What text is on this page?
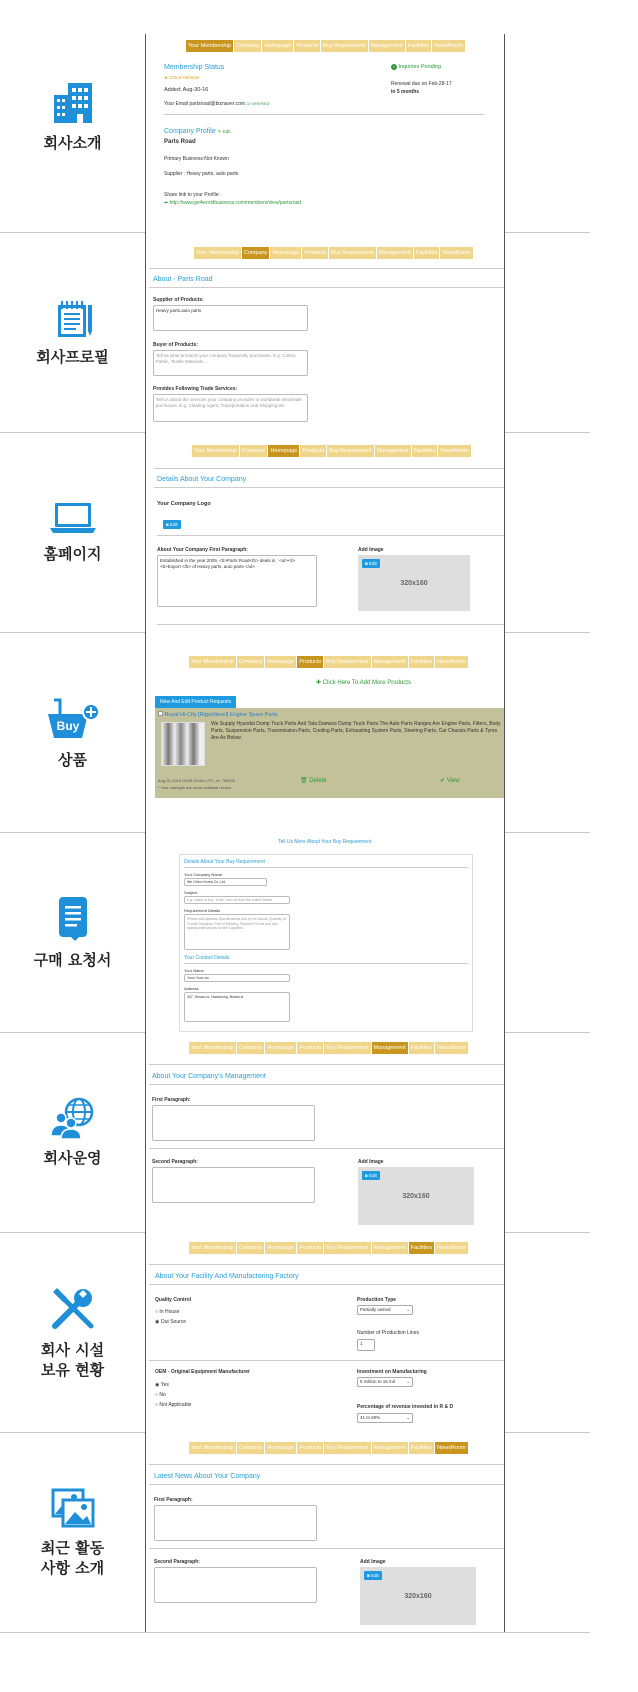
회사소개
Your Membership Company Homepage Products Buy Requirement Management Facilities NewsRoom
Membership Status
★ GOLD Member
✓ Inquiries Pending
Added: Aug-30-16
Renewal due on Feb-28-17
in 5 months
Your Email partsroad@biznaver.com ☑ VERIFIED
Company Profile ✎ Edit
Parts Road
Primary Business:Not Known
Supplier : Heavy parts, auto parts
Share link to your Profile:
➦ http://www.go4worldbusiness.com/members/view/partsroad
회사프로필
Your Membership Company Homepage Products Buy Requirement Management Facilities NewsRoom
About - Parts Road
Supplier of Products:
Heavy parts,auto parts
Buyer of Products:
Tell us what products your company frequently purchases. E.g. Cotton Fabric, Textile Materials...
Provides Following Trade Services:
Tell us about the services your company provides to worldwide wholesale purchases. E.g. Clearing Agent, Transportation And Shipping etc.
홈페이지
Your Membership Company Homepage Products Buy Requirement Management Facilities NewsRoom
Details About Your Company
Your Company Logo
◙ Edit
About Your Company First Paragraph:
Established in the year 2009, <b>Parts Road</b> deals in : <ul><li><b>Export </b> of Heavy parts, auto parts </ul>
Add Image
320x160
◙ Edit
Buy
상품
Your Membership Company Homepage Products Buy Requirement Management Facilities NewsRoom
✚ Click Here To Add More Products
New And Edit Product Requests
Royal Hi-City [Rigo/diesel] Engine Spare Parts
We Supply Hyundai Dump Truck Parts And Tata Daewoo Dump Truck Parts.The Auto Parts Ranges Are Engine Parts, Filters, Body Parts, Suspension Parts, Transmission Parts, Cooling Parts, Exhausting System Parts, Steering Parts, Car Chassis Parts & Tyres Are As Below.
Aug-31-2016 05:59:16 AM UTC, id: 780000
* Your changes are under editorial review.
🗑 Delete	✔ View
구매 요청서
Tell Us More About Your Buy Requirement
Details About Your Buy Requirement
Your Company Name
We Chem Korea Co.,Ltd.
Subject
e.g. I want to buy "xt-sh" corn oil from the united States
Requirement Details
Please add detailed Specifications and try to include Quantity of Goods Required, Port of Delivery, Payment Terms and any special instructions for the Suppliers.
Your Contact Details
Your Name
Youn Yoon-ho
Address
267, Dosan-ro, Hwaseong, Busan-si
회사운영
Your Membership Company Homepage Products Buy Requirement Management Facilities NewsRoom
About Your Company's Management
First Paragraph:
Second Paragraph:	Add Image
320x160
◙ Edit
회사 시설
보유 현황
Your Membership Company Homepage Products Buy Requirement Management Facilities NewsRoom
About Your Facility And Manufactoring Factory
Quality Control
○ In House
◉ Out Source
Production Type
Partially owned	⌄
Number of Production Lines
1
OEM - Original Equipment Manufacturer
◉ Yes
○ No
○ Not Applicable
Investment on Manufacturing
5 million to 15 mil	⌄
Percentage of revenue invested in R & D
41 to 60%	⌄
최근 활동
사항 소개
Your Membership Company Homepage Products Buy Requirement Management Facilities NewsRoom
Latest News About Your Company
First Paragraph:
Second Paragraph:	Add Image
320x160
◙ Edit
